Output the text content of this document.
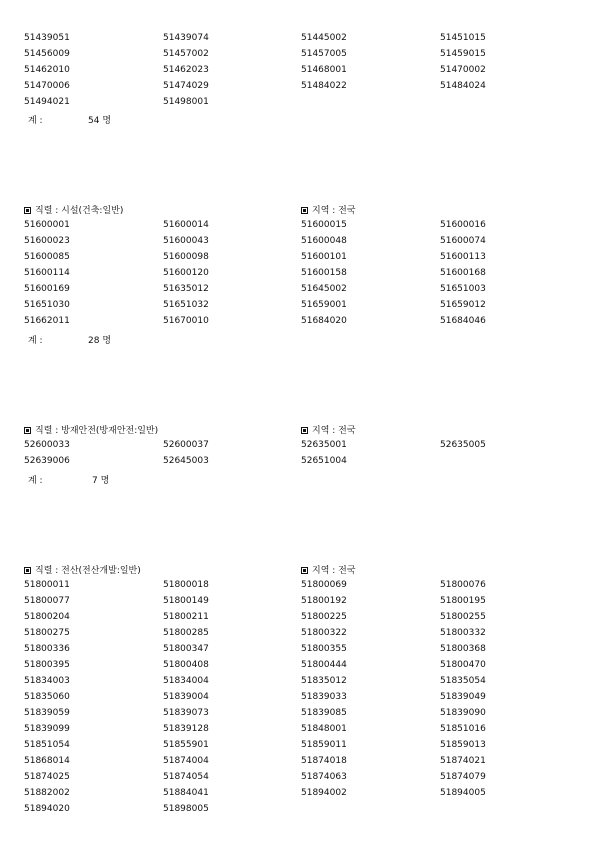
51439051	51439074	51445002	51451015
51456009	51457002	51457005	51459015
51462010	51462023	51468001	51470002
51470006	51474029	51484022	51484024
51494021	51498001
계 :	54 명
직렬 : 시설(건축:일반)	지역 : 전국
51600001	51600014	51600015	51600016
51600023	51600043	51600048	51600074
51600085	51600098	51600101	51600113
51600114	51600120	51600158	51600168
51600169	51635012	51645002	51651003
51651030	51651032	51659001	51659012
51662011	51670010	51684020	51684046
계 :	28 명
직렬 : 방재안전(방재안전:일반)	지역 : 전국
52600033	52600037	52635001	52635005
52639006	52645003	52651004
계 :	7 명
직렬 : 전산(전산개발:일반)	지역 : 전국
51800011	51800018	51800069	51800076
51800077	51800149	51800192	51800195
51800204	51800211	51800225	51800255
51800275	51800285	51800322	51800332
51800336	51800347	51800355	51800368
51800395	51800408	51800444	51800470
51834003	51834004	51835012	51835054
51835060	51839004	51839033	51839049
51839059	51839073	51839085	51839090
51839099	51839128	51848001	51851016
51851054	51855901	51859011	51859013
51868014	51874004	51874018	51874021
51874025	51874054	51874063	51874079
51882002	51884041	51894002	51894005
51894020	51898005
